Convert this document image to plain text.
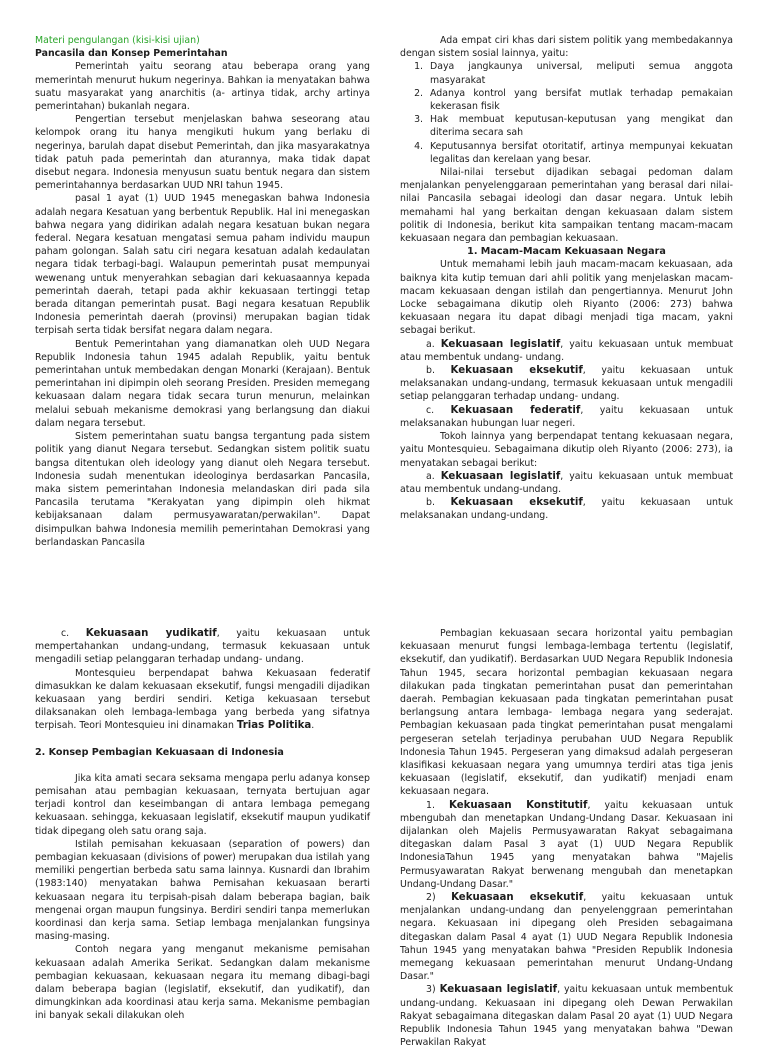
Materi pengulangan (kisi-kisi ujian)

Pancasila dan Konsep Pemerintahan

Pemerintah yaitu seorang atau beberapa orang yang memerintah menurut hukum negerinya. Bahkan ia menyatakan bahwa suatu masyarakat yang anarchitis (a- artinya tidak, archy artinya pemerintahan) bukanlah negara.

Pengertian tersebut menjelaskan bahwa seseorang atau kelompok orang itu hanya mengikuti hukum yang berlaku di negerinya, barulah dapat disebut Pemerintah, dan jika masyarakatnya tidak patuh pada pemerintah dan aturannya, maka tidak dapat disebut negara. Indonesia menyusun suatu bentuk negara dan sistem pemerintahannya berdasarkan UUD NRI tahun 1945.

pasal 1 ayat (1) UUD 1945 menegaskan bahwa Indonesia adalah negara Kesatuan yang berbentuk Republik. Hal ini menegaskan bahwa negara yang didirikan adalah negara kesatuan bukan negara federal. Negara kesatuan mengatasi semua paham individu maupun paham golongan. Salah satu ciri negara kesatuan adalah kedaulatan negara tidak terbagi-bagi. Walaupun pemerintah pusat mempunyai wewenang untuk menyerahkan sebagian dari kekuasaannya kepada pemerintah daerah, tetapi pada akhir kekuasaan tertinggi tetap berada ditangan pemerintah pusat. Bagi negara kesatuan Republik Indonesia pemerintah daerah (provinsi) merupakan bagian tidak terpisah serta tidak bersifat negara dalam negara.

Bentuk Pemerintahan yang diamanatkan oleh UUD Negara Republik Indonesia tahun 1945 adalah Republik, yaitu bentuk pemerintahan untuk membedakan dengan Monarki (Kerajaan). Bentuk pemerintahan ini dipimpin oleh seorang Presiden. Presiden memegang kekuasaan dalam negara tidak secara turun menurun, melainkan melalui sebuah mekanisme demokrasi yang berlangsung dan diakui dalam negara tersebut.

Sistem pemerintahan suatu bangsa tergantung pada sistem politik yang dianut Negara tersebut. Sedangkan sistem politik suatu bangsa ditentukan oleh ideology yang dianut oleh Negara tersebut. Indonesia sudah menentukan ideologinya berdasarkan Pancasila, maka sistem pemerintahan Indonesia melandaskan diri pada sila Pancasila terutama "Kerakyatan yang dipimpin oleh hikmat kebijaksanaan dalam permusyawaratan/perwakilan". Dapat disimpulkan bahwa Indonesia memilih pemerintahan Demokrasi yang berlandaskan Pancasila

Ada empat ciri khas dari sistem politik yang membedakannya dengan sistem sosial lainnya, yaitu:

1. Daya jangkaunya universal, meliputi semua anggota masyarakat
2. Adanya kontrol yang bersifat mutlak terhadap pemakaian kekerasan fisik
3. Hak membuat keputusan-keputusan yang mengikat dan diterima secara sah
4. Keputusannya bersifat otoritatif, artinya mempunyai kekuatan legalitas dan kerelaan yang besar.

Nilai-nilai tersebut dijadikan sebagai pedoman dalam menjalankan penyelenggaraan pemerintahan yang berasal dari nilai-nilai Pancasila sebagai ideologi dan dasar negara. Untuk lebih memahami hal yang berkaitan dengan kekuasaan dalam sistem politik di Indonesia, berikut kita sampaikan tentang macam-macam kekuasaan negara dan pembagian kekuasaan.

1. Macam-Macam Kekuasaan Negara

Untuk memahami lebih jauh macam-macam kekuasaan, ada baiknya kita kutip temuan dari ahli politik yang menjelaskan macam-macam kekuasaan dengan istilah dan pengertiannya. Menurut John Locke sebagaimana dikutip oleh Riyanto (2006: 273) bahwa kekuasaan negara itu dapat dibagi menjadi tiga macam, yakni sebagai berikut.

a. Kekuasaan legislatif, yaitu kekuasaan untuk membuat atau membentuk undang- undang.

b. Kekuasaan eksekutif, yaitu kekuasaan untuk melaksanakan undang-undang, termasuk kekuasaan untuk mengadili setiap pelanggaran terhadap undang- undang.

c. Kekuasaan federatif, yaitu kekuasaan untuk melaksanakan hubungan luar negeri.

Tokoh lainnya yang berpendapat tentang kekuasaan negara, yaitu Montesquieu. Sebagaimana dikutip oleh Riyanto (2006: 273), ia menyatakan sebagai berikut:

a. Kekuasaan legislatif, yaitu kekuasaan untuk membuat atau membentuk undang-undang.

b. Kekuasaan eksekutif, yaitu kekuasaan untuk melaksanakan undang-undang.

c. Kekuasaan yudikatif, yaitu kekuasaan untuk mempertahankan undang-undang, termasuk kekuasaan untuk mengadili setiap pelanggaran terhadap undang- undang.

Montesquieu berpendapat bahwa Kekuasaan federatif dimasukkan ke dalam kekuasaan eksekutif, fungsi mengadili dijadikan kekuasaan yang berdiri sendiri. Ketiga kekuasaan tersebut dilaksanakan oleh lembaga-lembaga yang berbeda yang sifatnya terpisah. Teori Montesquieu ini dinamakan Trias Politika.

2. Konsep Pembagian Kekuasaan di Indonesia

Jika kita amati secara seksama mengapa perlu adanya konsep pemisahan atau pembagian kekuasaan, ternyata bertujuan agar terjadi kontrol dan keseimbangan di antara lembaga pemegang kekuasaan. sehingga, kekuasaan legislatif, eksekutif maupun yudikatif tidak dipegang oleh satu orang saja.

Istilah pemisahan kekuasaan (separation of powers) dan pembagian kekuasaan (divisions of power) merupakan dua istilah yang memiliki pengertian berbeda satu sama lainnya. Kusnardi dan Ibrahim (1983:140) menyatakan bahwa Pemisahan kekuasaan berarti kekuasaan negara itu terpisah-pisah dalam beberapa bagian, baik mengenai organ maupun fungsinya. Berdiri sendiri tanpa memerlukan koordinasi dan kerja sama. Setiap lembaga menjalankan fungsinya masing-masing.

Contoh negara yang menganut mekanisme pemisahan kekuasaan adalah Amerika Serikat. Sedangkan dalam mekanisme pembagian kekuasaan, kekuasaan negara itu memang dibagi-bagi dalam beberapa bagian (legislatif, eksekutif, dan yudikatif), dan dimungkinkan ada koordinasi atau kerja sama. Mekanisme pembagian ini banyak sekali dilakukan oleh

Pembagian kekuasaan secara horizontal yaitu pembagian kekuasaan menurut fungsi lembaga-lembaga tertentu (legislatif, eksekutif, dan yudikatif). Berdasarkan UUD Negara Republik Indonesia Tahun 1945, secara horizontal pembagian kekuasaan negara dilakukan pada tingkatan pemerintahan pusat dan pemerintahan daerah. Pembagian kekuasaan pada tingkatan pemerintahan pusat berlangsung antara lembaga- lembaga negara yang sederajat. Pembagian kekuasaan pada tingkat pemerintahan pusat mengalami pergeseran setelah terjadinya perubahan UUD Negara Republik Indonesia Tahun 1945. Pergeseran yang dimaksud adalah pergeseran klasifikasi kekuasaan negara yang umumnya terdiri atas tiga jenis kekuasaan (legislatif, eksekutif, dan yudikatif) menjadi enam kekuasaan negara.

1. Kekuasaan Konstitutif, yaitu kekuasaan untuk mbengubah dan menetapkan Undang-Undang Dasar. Kekuasaan ini dijalankan oleh Majelis Permusyawaratan Rakyat sebagaimana ditegaskan dalam Pasal 3 ayat (1) UUD Negara Republik IndonesiaTahun 1945 yang menyatakan bahwa "Majelis Permusyawaratan Rakyat berwenang mengubah dan menetapkan Undang-Undang Dasar."

2) Kekuasaan eksekutif, yaitu kekuasaan untuk menjalankan undang-undang dan penyelenggraan pemerintahan negara. Kekuasaan ini dipegang oleh Presiden sebagaimana ditegaskan dalam Pasal 4 ayat (1) UUD Negara Republik Indonesia Tahun 1945 yang menyatakan bahwa "Presiden Republik Indonesia memegang kekuasaan pemerintahan menurut Undang-Undang Dasar."

3) Kekuasaan legislatif, yaitu kekuasaan untuk membentuk undang-undang. Kekuasaan ini dipegang oleh Dewan Perwakilan Rakyat sebagaimana ditegaskan dalam Pasal 20 ayat (1) UUD Negara Republik Indonesia Tahun 1945 yang menyatakan bahwa "Dewan Perwakilan Rakyat
